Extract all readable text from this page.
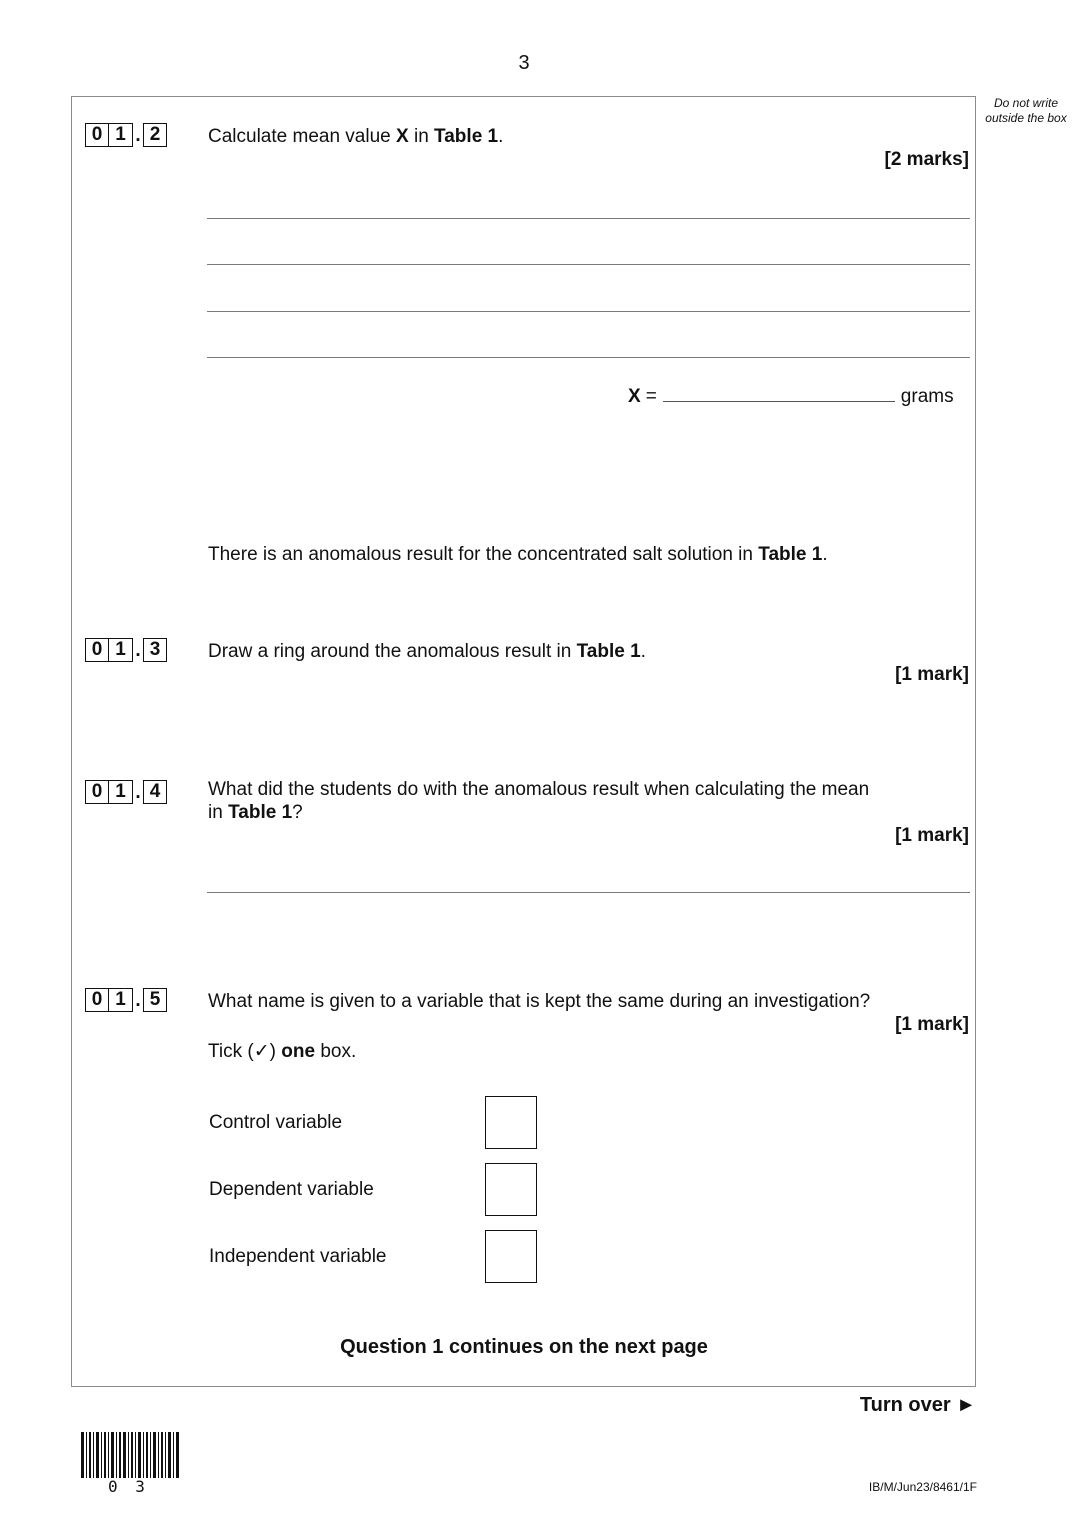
3
Do not write outside the box
0 1 . 2	Calculate mean value X in Table 1.
[2 marks]
X =	grams
There is an anomalous result for the concentrated salt solution in Table 1.
0 1 . 3	Draw a ring around the anomalous result in Table 1.
[1 mark]
0 1 . 4	What did the students do with the anomalous result when calculating the mean
in Table 1?
[1 mark]
0 1 . 5	What name is given to a variable that is kept the same during an investigation?
[1 mark]
Tick (✓) one box.
Control variable
Dependent variable
Independent variable
Question 1 continues on the next page
Turn over ►
0 3	IB/M/Jun23/8461/1F
